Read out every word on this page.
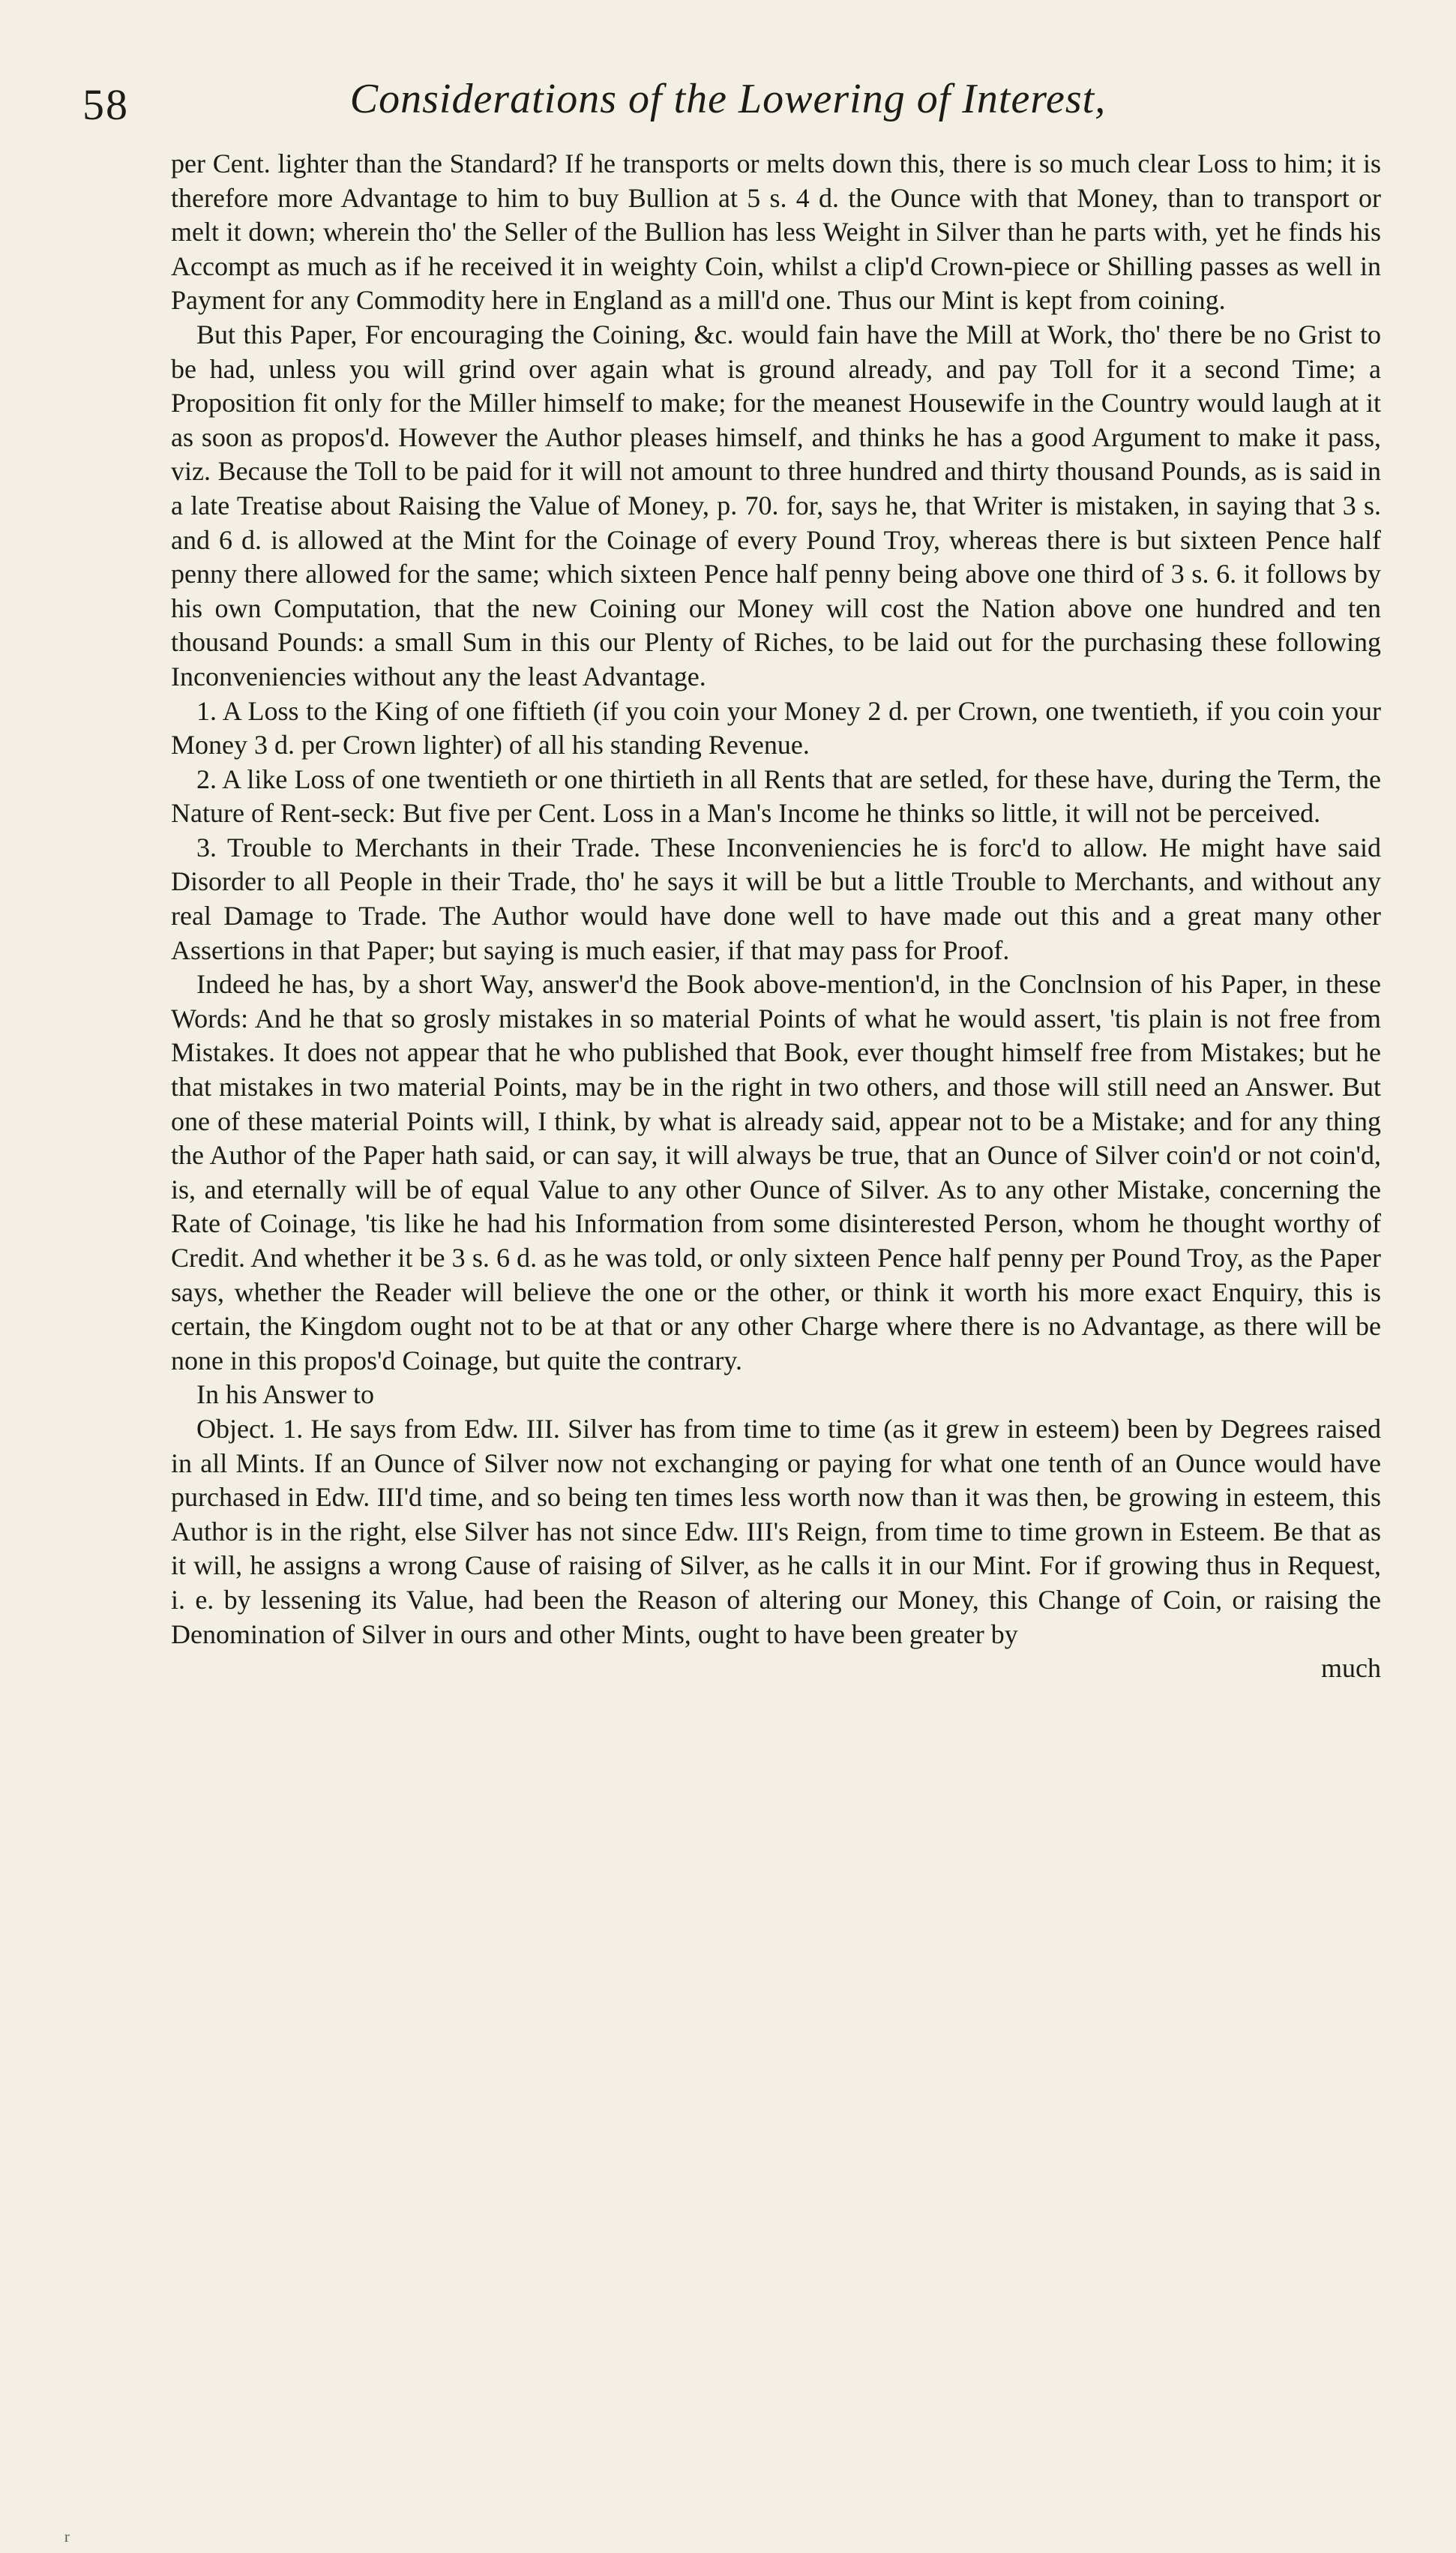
58	Considerations of the Lowering of Interest,

per Cent. lighter than the Standard? If he transports or melts down this, there is so much clear Loss to him; it is therefore more Advantage to him to buy Bullion at 5 s. 4 d. the Ounce with that Money, than to transport or melt it down; wherein tho' the Seller of the Bullion has less Weight in Silver than he parts with, yet he finds his Accompt as much as if he received it in weighty Coin, whilst a clip'd Crown-piece or Shilling passes as well in Payment for any Commodity here in England as a mill'd one. Thus our Mint is kept from coining.

But this Paper, For encouraging the Coining, &c. would fain have the Mill at Work, tho' there be no Grist to be had, unless you will grind over again what is ground already, and pay Toll for it a second Time; a Proposition fit only for the Miller himself to make; for the meanest Housewife in the Country would laugh at it as soon as propos'd. However the Author pleases himself, and thinks he has a good Argument to make it pass, viz. Because the Toll to be paid for it will not amount to three hundred and thirty thousand Pounds, as is said in a late Treatise about Raising the Value of Money, p. 70. for, says he, that Writer is mistaken, in saying that 3 s. and 6 d. is allowed at the Mint for the Coinage of every Pound Troy, whereas there is but sixteen Pence half penny there allowed for the same; which sixteen Pence half penny being above one third of 3 s. 6. it follows by his own Computation, that the new Coining our Money will cost the Nation above one hundred and ten thousand Pounds: a small Sum in this our Plenty of Riches, to be laid out for the purchasing these following Inconveniencies without any the least Advantage.

1. A Loss to the King of one fiftieth (if you coin your Money 2 d. per Crown, one twentieth, if you coin your Money 3 d. per Crown lighter) of all his standing Revenue.

2. A like Loss of one twentieth or one thirtieth in all Rents that are setled, for these have, during the Term, the Nature of Rent-seck: But five per Cent. Loss in a Man's Income he thinks so little, it will not be perceived.

3. Trouble to Merchants in their Trade. These Inconveniencies he is forc'd to allow. He might have said Disorder to all People in their Trade, tho' he says it will be but a little Trouble to Merchants, and without any real Damage to Trade. The Author would have done well to have made out this and a great many other Assertions in that Paper; but saying is much easier, if that may pass for Proof.

Indeed he has, by a short Way, answer'd the Book above-mention'd, in the Conclnsion of his Paper, in these Words: And he that so grosly mistakes in so material Points of what he would assert, 'tis plain is not free from Mistakes. It does not appear that he who published that Book, ever thought himself free from Mistakes; but he that mistakes in two material Points, may be in the right in two others, and those will still need an Answer. But one of these material Points will, I think, by what is already said, appear not to be a Mistake; and for any thing the Author of the Paper hath said, or can say, it will always be true, that an Ounce of Silver coin'd or not coin'd, is, and eternally will be of equal Value to any other Ounce of Silver. As to any other Mistake, concerning the Rate of Coinage, 'tis like he had his Information from some disinterested Person, whom he thought worthy of Credit. And whether it be 3 s. 6 d. as he was told, or only sixteen Pence half penny per Pound Troy, as the Paper says, whether the Reader will believe the one or the other, or think it worth his more exact Enquiry, this is certain, the Kingdom ought not to be at that or any other Charge where there is no Advantage, as there will be none in this propos'd Coinage, but quite the contrary.

In his Answer to

Object. 1. He says from Edw. III. Silver has from time to time (as it grew in esteem) been by Degrees raised in all Mints. If an Ounce of Silver now not exchanging or paying for what one tenth of an Ounce would have purchased in Edw. III'd time, and so being ten times less worth now than it was then, be growing in esteem, this Author is in the right, else Silver has not since Edw. III's Reign, from time to time grown in Esteem. Be that as it will, he assigns a wrong Cause of raising of Silver, as he calls it in our Mint. For if growing thus in Request, i. e. by lessening its Value, had been the Reason of altering our Money, this Change of Coin, or raising the Denomination of Silver in ours and other Mints, ought to have been greater by

much

r
